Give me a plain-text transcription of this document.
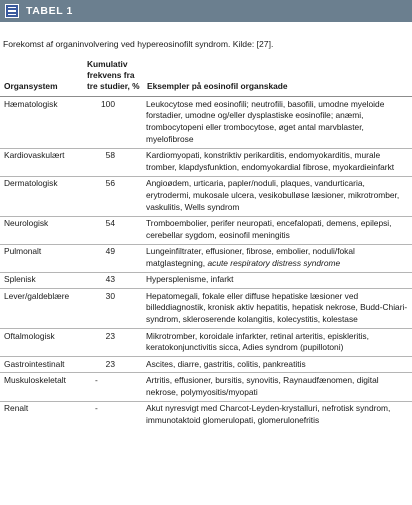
TABEL 1
Forekomst af organinvolvering ved hypereosinofilt syndrom. Kilde: [27].
Organsystem	Kumulativ frekvens fra tre studier, %	Eksempler på eosinofil organskade
Hæmatologisk	100	Leukocytose med eosinofili; neutrofili, basofili, umodne myeloide forstadier, umodne og/eller dysplastiske eosinofile; anæmi, trombocytopeni eller trombocytose, øget antal marvblaster, myelofibrose
Kardiovaskulært	58	Kardiomyopati, konstriktiv perikarditis, endomyokarditis, murale tromber, klapdysfunktion, endomyokardial fibrose, myokardieinfarkt
Dermatologisk	56	Angioødem, urticaria, papler/noduli, plaques, vandurticaria, erytrodermi, mukosale ulcera, vesikobulløse læsioner, mikrotromber, vaskulitis, Wells syndrom
Neurologisk	54	Tromboembolier, perifer neuropati, encefalopati, demens, epilepsi, cerebellar sygdom, eosinofil meningitis
Pulmonalt	49	Lungeinfiltrater, effusioner, fibrose, embolier, noduli/fokal matglastegning, acute respiratory distress syndrome
Splenisk	43	Hypersplenisme, infarkt
Lever/galdeblære	30	Hepatomegali, fokale eller diffuse hepatiske læsioner ved billeddiagnostik, kronisk aktiv hepatitis, hepatisk nekrose, Budd-Chiari-syndrom, skleroserende kolangitis, kolecystitis, kolestase
Oftalmologisk	23	Mikrotromber, koroidale infarkter, retinal arteritis, episkleritis, keratokonjunctivitis sicca, Adies syndrom (pupillotoni)
Gastrointestinalt	23	Ascites, diarre, gastritis, colitis, pankreatitis
Muskuloskeletalt	-	Artritis, effusioner, bursitis, synovitis, Raynaudfænomen, digital nekrose, polymyositis/myopati
Renalt	-	Akut nyresvigt med Charcot-Leyden-krystalluri, nefrotisk syndrom, immunotaktoid glomerulopati, glomerulonefritis
